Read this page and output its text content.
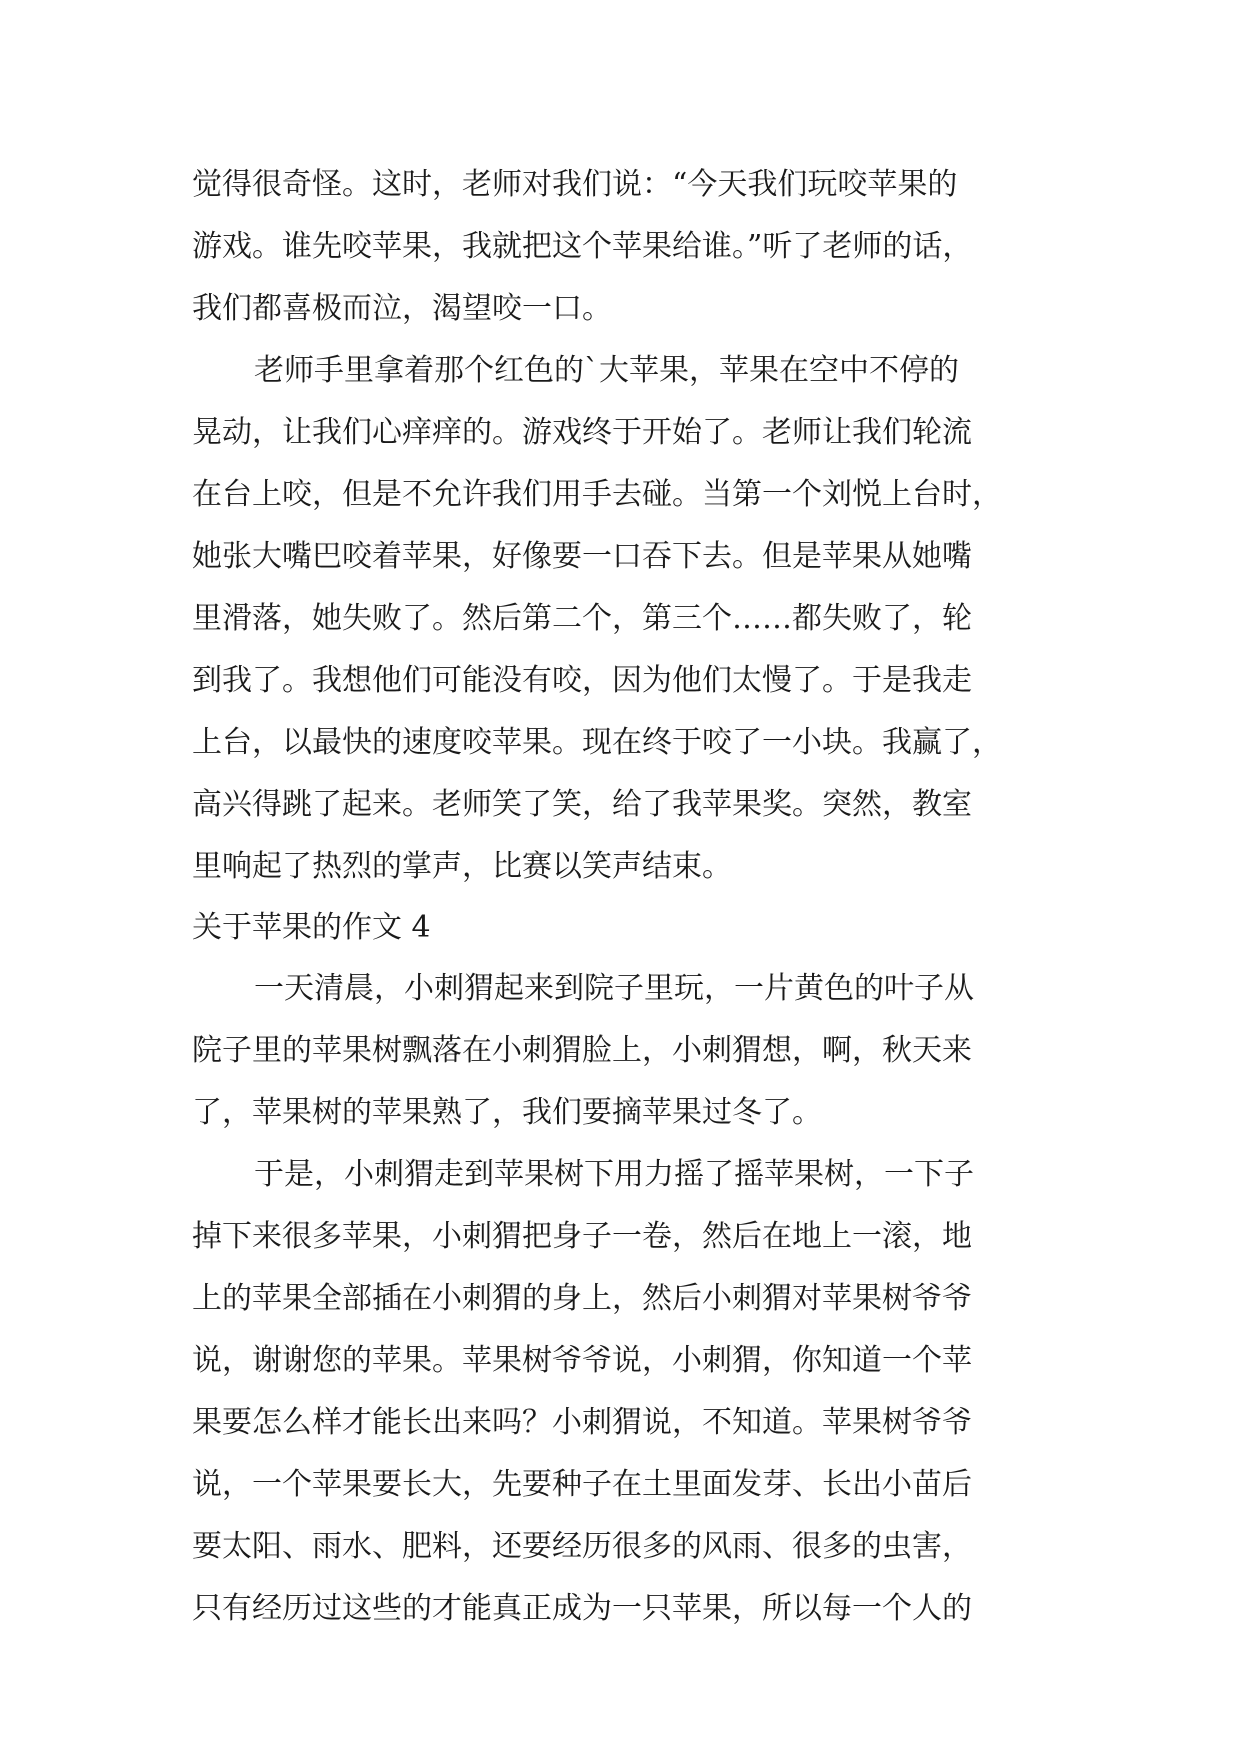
觉得很奇怪。这时，老师对我们说：“今天我们玩咬苹果的
游戏。谁先咬苹果，我就把这个苹果给谁。”听了老师的话，
我们都喜极而泣，渴望咬一口。
老师手里拿着那个红色的`大苹果，苹果在空中不停的
晃动，让我们心痒痒的。游戏终于开始了。老师让我们轮流
在台上咬，但是不允许我们用手去碰。当第一个刘悦上台时，
她张大嘴巴咬着苹果，好像要一口吞下去。但是苹果从她嘴
里滑落，她失败了。然后第二个，第三个……都失败了，轮
到我了。我想他们可能没有咬，因为他们太慢了。于是我走
上台，以最快的速度咬苹果。现在终于咬了一小块。我赢了，
高兴得跳了起来。老师笑了笑，给了我苹果奖。突然，教室
里响起了热烈的掌声，比赛以笑声结束。
关于苹果的作文 4
一天清晨，小刺猬起来到院子里玩，一片黄色的叶子从
院子里的苹果树飘落在小刺猬脸上，小刺猬想，啊，秋天来
了，苹果树的苹果熟了，我们要摘苹果过冬了。
于是，小刺猬走到苹果树下用力摇了摇苹果树，一下子
掉下来很多苹果，小刺猬把身子一卷，然后在地上一滚，地
上的苹果全部插在小刺猬的身上，然后小刺猬对苹果树爷爷
说，谢谢您的苹果。苹果树爷爷说，小刺猬，你知道一个苹
果要怎么样才能长出来吗？小刺猬说，不知道。苹果树爷爷
说，一个苹果要长大，先要种子在土里面发芽、长出小苗后
要太阳、雨水、肥料，还要经历很多的风雨、很多的虫害，
只有经历过这些的才能真正成为一只苹果，所以每一个人的
